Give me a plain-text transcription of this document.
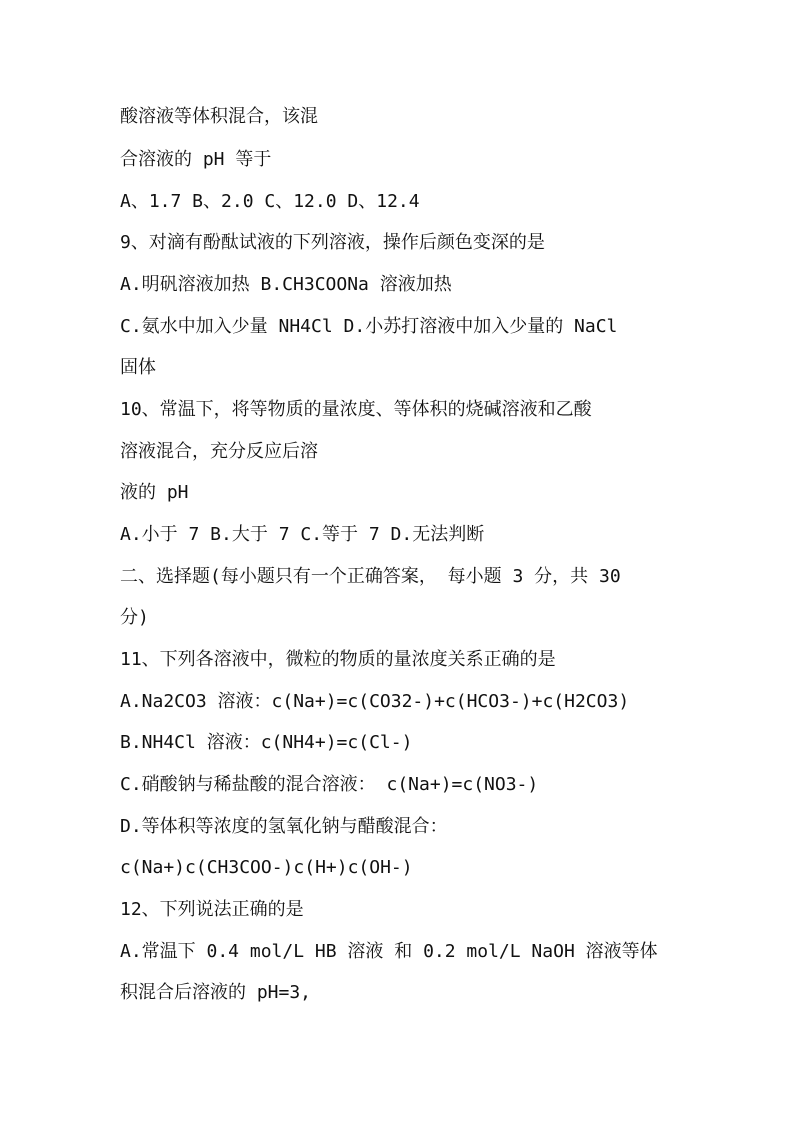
酸溶液等体积混合，该混

合溶液的 pH 等于

A、1.7 B、2.0 C、12.0 D、12.4

9、对滴有酚酞试液的下列溶液，操作后颜色变深的是

A.明矾溶液加热 B.CH3COONa 溶液加热

C.氨水中加入少量 NH4Cl D.小苏打溶液中加入少量的 NaCl

固体

10、常温下，将等物质的量浓度、等体积的烧碱溶液和乙酸

溶液混合，充分反应后溶

液的 pH

A.小于 7 B.大于 7 C.等于 7 D.无法判断

二、选择题(每小题只有一个正确答案， 每小题 3 分，共 30

分)

11、下列各溶液中，微粒的物质的量浓度关系正确的是

A.Na2CO3 溶液：c(Na+)=c(CO32-)+c(HCO3-)+c(H2CO3)

B.NH4Cl 溶液：c(NH4+)=c(Cl-)

C.硝酸钠与稀盐酸的混合溶液： c(Na+)=c(NO3-)

D.等体积等浓度的氢氧化钠与醋酸混合：

c(Na+)c(CH3COO-)c(H+)c(OH-)

12、下列说法正确的是

A.常温下 0.4 mol/L HB 溶液 和 0.2 mol/L NaOH 溶液等体

积混合后溶液的 pH=3,
